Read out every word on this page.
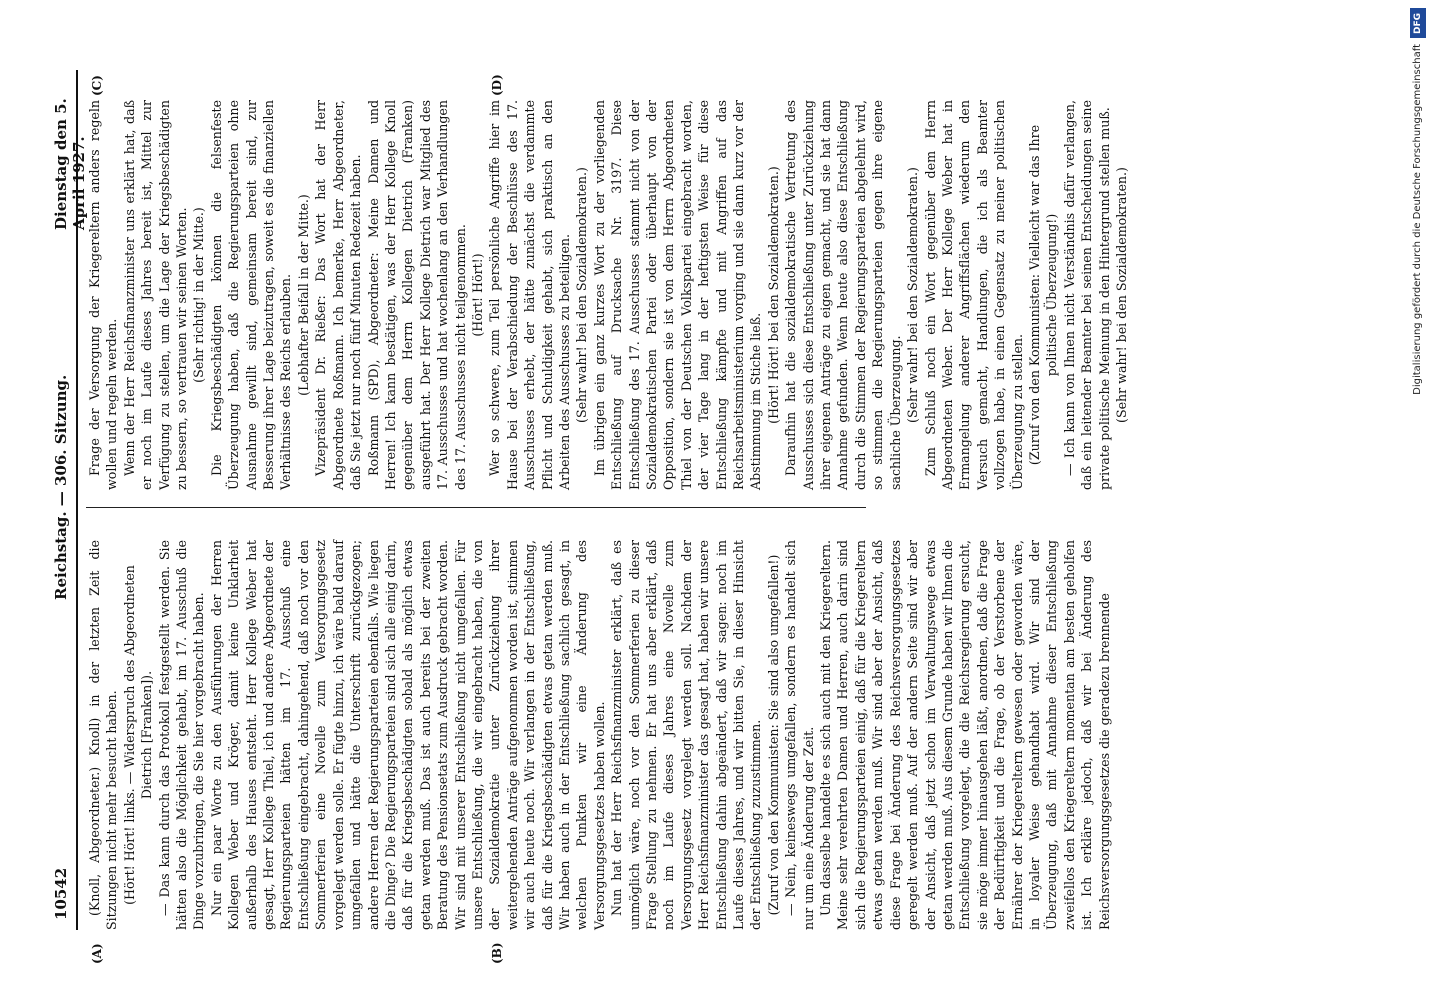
10542
Reichstag. — 306. Sitzung.
Dienstag den 5. April 1927.
(A)	(B)
(C)	(D)

(Knoll, Abgeordneter.) Knoll) in der letzten Zeit die Sitzungen nicht mehr besucht haben. (Hört! Hört! links. — Widerspruch des Abgeordneten Dietrich [Franken]). — Das kann durch das Protokoll festgestellt werden. Sie hätten also die Möglichkeit gehabt, im 17. Ausschuß die Dinge vorzubringen, die Sie hier vorgebracht haben. Nur ein paar Worte zu den Ausführungen der Herren Kollegen Weber und Kröger, damit keine Unklarheit außerhalb des Hauses entsteht. Herr Kollege Weber hat gesagt, Herr Kollege Thiel, ich und andere Abgeordnete der Regierungsparteien hätten im 17. Ausschuß eine Entschließung eingebracht, dahingehend, daß noch vor den Sommerferien eine Novelle zum Versorgungsgesetz vorgelegt werden solle. Er fügte hinzu, ich wäre bald darauf umgefallen und hätte die Unterschrift zurückgezogen; andere Herren der Regierungsparteien ebenfalls. Wie liegen die Dinge? Die Regierungsparteien sind sich alle einig darin, daß für die Kriegsbeschädigten sobald als möglich etwas getan werden muß. Das ist auch bereits bei der zweiten Beratung des Pensionsetats zum Ausdruck gebracht worden. Wir sind mit unserer Entschließung nicht umgefallen. Für unsere Entschließung, die wir eingebracht haben, die von der Sozialdemokratie unter Zurückziehung ihrer weitergehenden Anträge aufgenommen worden ist, stimmen wir auch heute noch. Wir verlangen in der Entschließung, daß für die Kriegsbeschädigten etwas getan werden muß. Wir haben auch in der Entschließung sachlich gesagt, in welchen Punkten wir eine Änderung des Versorgungsgesetzes haben wollen. Nun hat der Herr Reichsfinanzminister erklärt, daß es unmöglich wäre, noch vor den Sommerferien zu dieser Frage Stellung zu nehmen. Er hat uns aber erklärt, daß noch im Laufe dieses Jahres eine Novelle zum Versorgungsgesetz vorgelegt werden soll. Nachdem der Herr Reichsfinanzminister das gesagt hat, haben wir unsere Entschließung dahin abgeändert, daß wir sagen: noch im Laufe dieses Jahres, und wir bitten Sie, in dieser Hinsicht der Entschließung zuzustimmen. (Zuruf von den Kommunisten: Sie sind also umgefallen!) — Nein, keineswegs umgefallen, sondern es handelt sich nur um eine Änderung der Zeit. Um dasselbe handelte es sich auch mit den Kriegereltern. Meine sehr verehrten Damen und Herren, auch darin sind sich die Regierungsparteien einig, daß für die Kriegereltern etwas getan werden muß. Wir sind aber der Ansicht, daß diese Frage bei Änderung des Reichsversorgungsgesetzes geregelt werden muß. Auf der andern Seite sind wir aber der Ansicht, daß jetzt schon im Verwaltungswege etwas getan werden muß. Aus diesem Grunde haben wir Ihnen die Entschließung vorgelegt, die die Reichsregierung ersucht, sie möge immer hinausgehen läßt, anordnen, daß die Frage der Bedürftigkeit und die Frage, ob der Verstorbene der Ernährer der Kriegereltern gewesen oder geworden wäre, in loyaler Weise gehandhabt wird. Wir sind der Überzeugung, daß mit Annahme dieser Entschließung zweifellos den Kriegereltern momentan am besten geholfen ist. Ich erkläre jedoch, daß wir bei Änderung des Reichsversorgungsgesetzes die geradezu brennende

Frage der Versorgung der Kriegereltern anders regeln wollen und regeln werden. Wenn der Herr Reichsfinanzminister uns erklärt hat, daß er noch im Laufe dieses Jahres bereit ist, Mittel zur Verfügung zu stellen, um die Lage der Kriegsbeschädigten zu bessern, so vertrauen wir seinen Worten. (Sehr richtig! in der Mitte.) Die Kriegsbeschädigten können die felsenfeste Überzeugung haben, daß die Regierungsparteien ohne Ausnahme gewillt sind, gemeinsam bereit sind, zur Besserung ihrer Lage beizutragen, soweit es die finanziellen Verhältnisse des Reichs erlauben. (Lebhafter Beifall in der Mitte.) Vizepräsident Dr. Rießer: Das Wort hat der Herr Abgeordnete Roßmann. Ich bemerke, Herr Abgeordneter, daß Sie jetzt nur noch fünf Minuten Redezeit haben. Roßmann (SPD), Abgeordneter: Meine Damen und Herren! Ich kann bestätigen, was der Herr Kollege Knoll gegenüber dem Herrn Kollegen Dietrich (Franken) ausgeführt hat. Der Herr Kollege Dietrich war Mitglied des 17. Ausschusses und hat wochenlang an den Verhandlungen des 17. Ausschusses nicht teilgenommen. (Hört! Hört!) Wer so schwere, zum Teil persönliche Angriffe hier im Hause bei der Verabschiedung der Beschlüsse des 17. Ausschusses erhebt, der hätte zunächst die verdammte Pflicht und Schuldigkeit gehabt, sich praktisch an den Arbeiten des Ausschusses zu beteiligen. (Sehr wahr! bei den Sozialdemokraten.) Im übrigen ein ganz kurzes Wort zu der vorliegenden Entschließung auf Drucksache Nr. 3197. Diese Entschließung des 17. Ausschusses stammt nicht von der Sozialdemokratischen Partei oder überhaupt von der Opposition, sondern sie ist von dem Herrn Abgeordneten Thiel von der Deutschen Volkspartei eingebracht worden, der vier Tage lang in der heftigsten Weise für diese Entschließung kämpfte und mit Angriffen auf das Reichsarbeitsministerium vorging und sie dann kurz vor der Abstimmung im Stiche ließ. (Hört! Hört! bei den Sozialdemokraten.) Daraufhin hat die sozialdemokratische Vertretung des Ausschusses sich diese Entschließung unter Zurückziehung ihrer eigenen Anträge zu eigen gemacht, und sie hat dann Annahme gefunden. Wenn heute also diese Entschließung durch die Stimmen der Regierungsparteien abgelehnt wird, so stimmen die Regierungsparteien gegen ihre eigene sachliche Überzeugung. (Sehr wahr! bei den Sozialdemokraten.) Zum Schluß noch ein Wort gegenüber dem Herrn Abgeordneten Weber. Der Herr Kollege Weber hat in Ermangelung anderer Angriffsflächen wiederum den Versuch gemacht, Handlungen, die ich als Beamter vollzogen habe, in einen Gegensatz zu meiner politischen Überzeugung zu stellen. (Zuruf von den Kommunisten: Vielleicht war das Ihre politische Überzeugung!) — Ich kann von Ihnen nicht Verständnis dafür verlangen, daß ein leitender Beamter bei seinen Entscheidungen seine private politische Meinung in den Hintergrund stellen muß. (Sehr wahr! bei den Sozialdemokraten.)

DFG
Digitalisierung gefördert durch die Deutsche Forschungsgemeinschaft
